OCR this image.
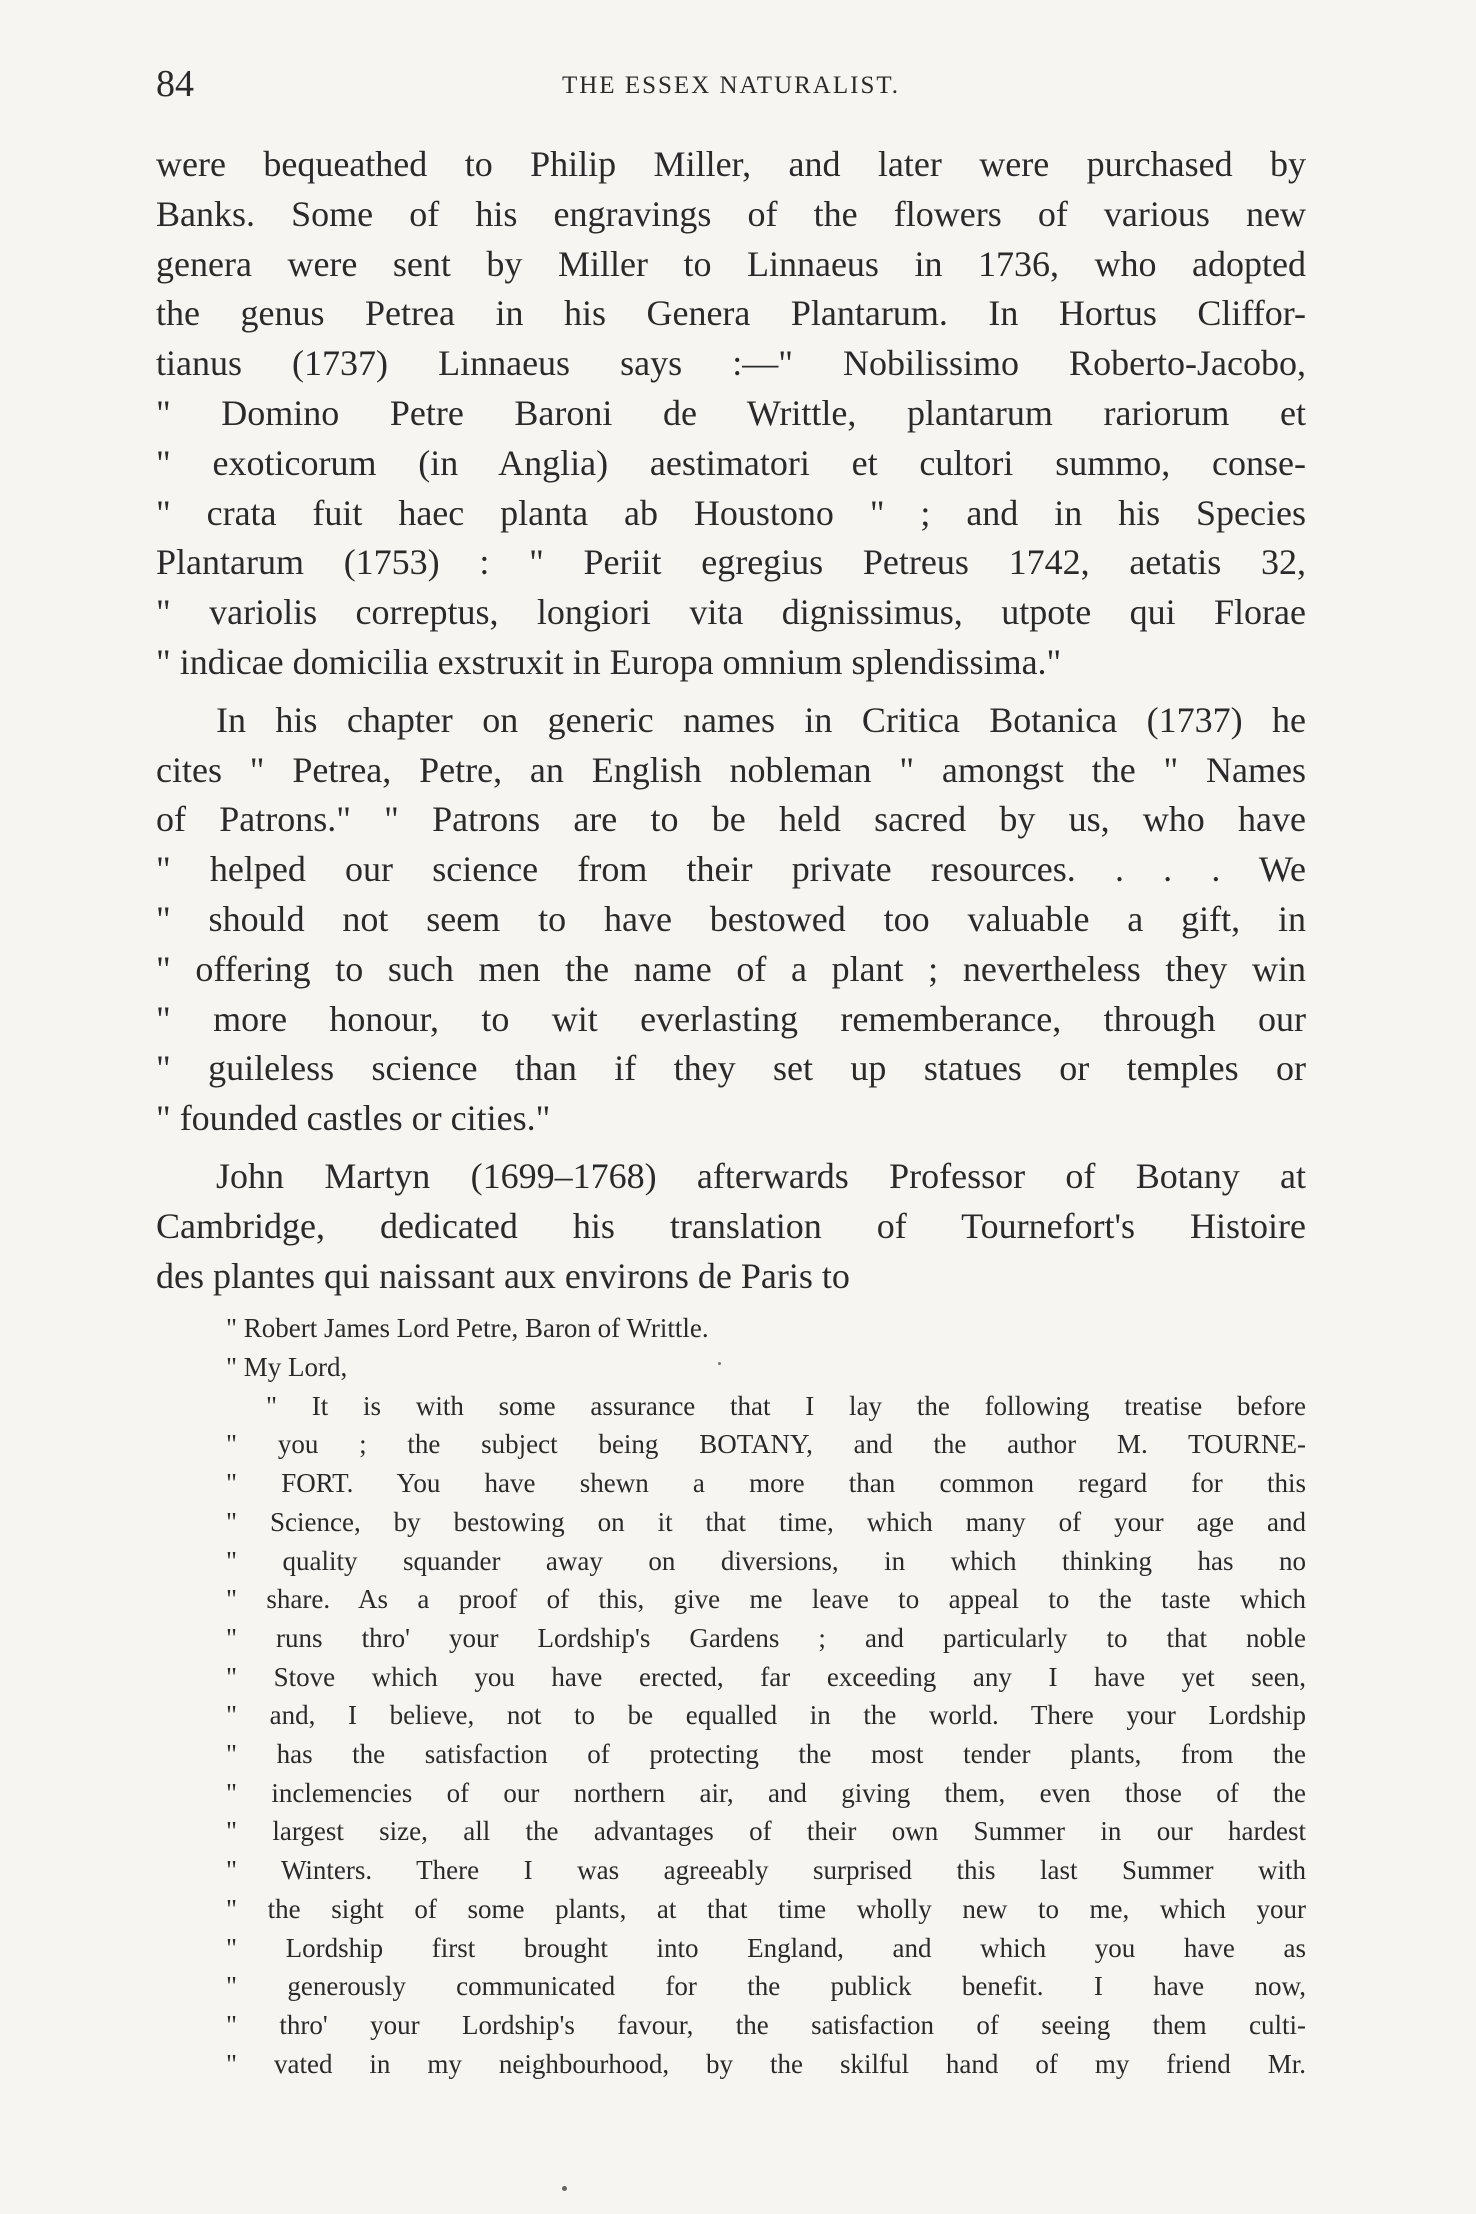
84	THE ESSEX NATURALIST.

were bequeathed to Philip Miller, and later were purchased by
Banks. Some of his engravings of the flowers of various new
genera were sent by Miller to Linnaeus in 1736, who adopted
the genus Petrea in his Genera Plantarum. In Hortus Cliffor-
tianus (1737) Linnaeus says :—" Nobilissimo Roberto-Jacobo,
" Domino Petre Baroni de Writtle, plantarum rariorum et
" exoticorum (in Anglia) aestimatori et cultori summo, conse-
" crata fuit haec planta ab Houstono " ; and in his Species
Plantarum (1753) : " Periit egregius Petreus 1742, aetatis 32,
" variolis correptus, longiori vita dignissimus, utpote qui Florae
" indicae domicilia exstruxit in Europa omnium splendissima."

In his chapter on generic names in Critica Botanica (1737) he
cites " Petrea, Petre, an English nobleman " amongst the " Names
of Patrons." " Patrons are to be held sacred by us, who have
" helped our science from their private resources. . . . We
" should not seem to have bestowed too valuable a gift, in
" offering to such men the name of a plant ; nevertheless they win
" more honour, to wit everlasting rememberance, through our
" guileless science than if they set up statues or temples or
" founded castles or cities."

John Martyn (1699–1768) afterwards Professor of Botany at
Cambridge, dedicated his translation of Tournefort's Histoire
des plantes qui naissant aux environs de Paris to

" Robert James Lord Petre, Baron of Writtle.
" My Lord,
" It is with some assurance that I lay the following treatise before
" you ; the subject being BOTANY, and the author M. TOURNE-
" FORT. You have shewn a more than common regard for this
" Science, by bestowing on it that time, which many of your age and
" quality squander away on diversions, in which thinking has no
" share. As a proof of this, give me leave to appeal to the taste which
" runs thro' your Lordship's Gardens ; and particularly to that noble
" Stove which you have erected, far exceeding any I have yet seen,
" and, I believe, not to be equalled in the world. There your Lordship
" has the satisfaction of protecting the most tender plants, from the
" inclemencies of our northern air, and giving them, even those of the
" largest size, all the advantages of their own Summer in our hardest
" Winters. There I was agreeably surprised this last Summer with
" the sight of some plants, at that time wholly new to me, which your
" Lordship first brought into England, and which you have as
" generously communicated for the publick benefit. I have now,
" thro' your Lordship's favour, the satisfaction of seeing them culti-
" vated in my neighbourhood, by the skilful hand of my friend Mr.
